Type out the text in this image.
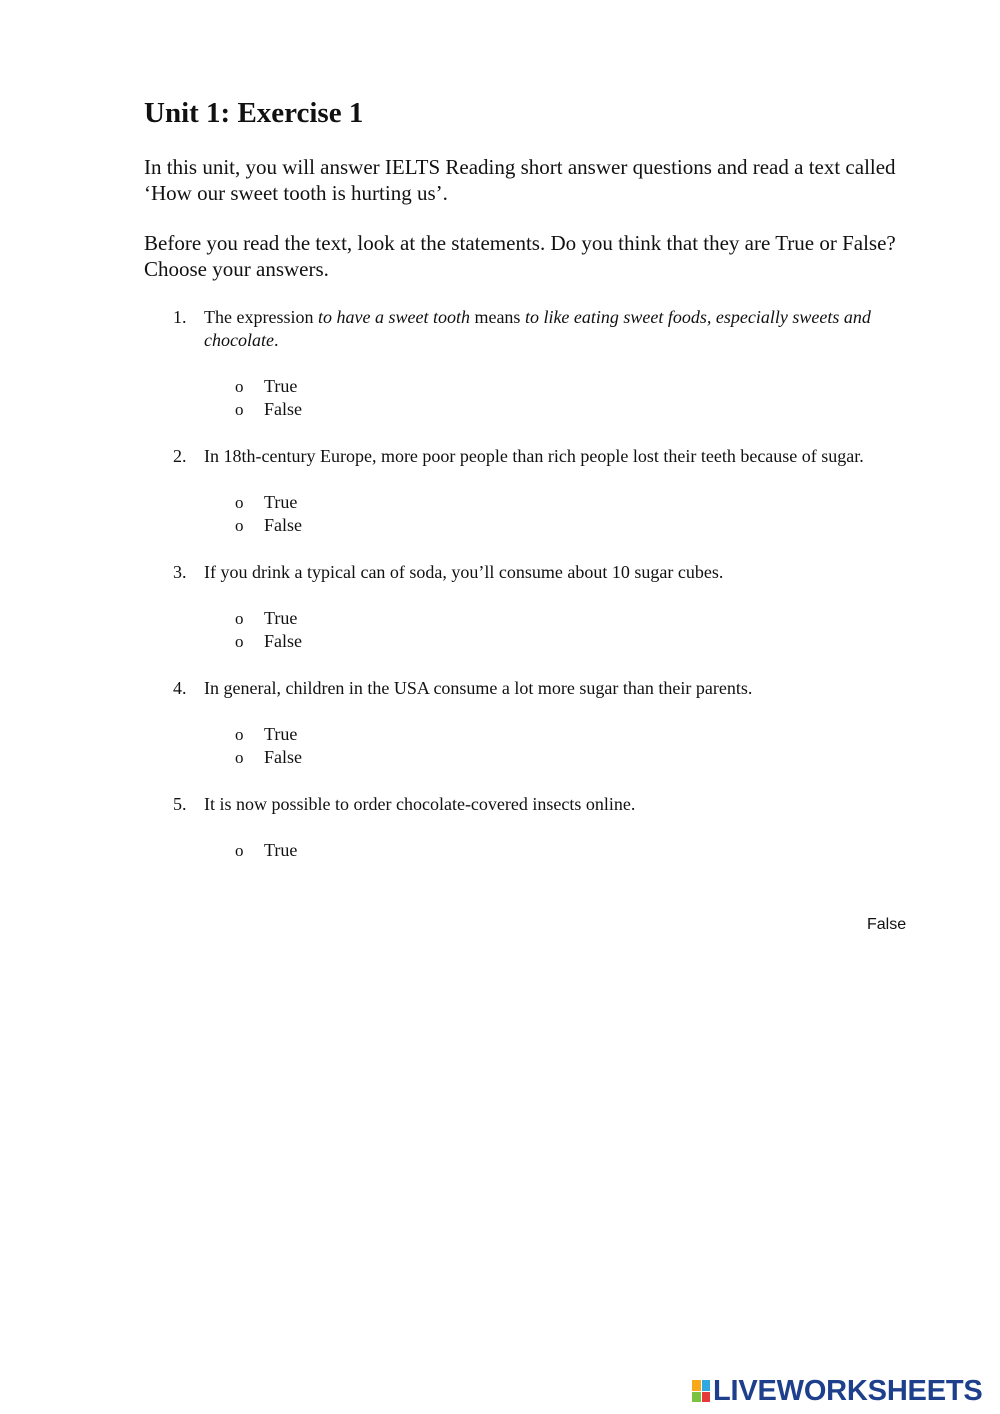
Unit 1: Exercise 1

In this unit, you will answer IELTS Reading short answer questions and read a text called ‘How our sweet tooth is hurting us’.

Before you read the text, look at the statements. Do you think that they are True or False? Choose your answers.

1. The expression to have a sweet tooth means to like eating sweet foods, especially sweets and chocolate.
o True
o False
2. In 18th-century Europe, more poor people than rich people lost their teeth because of sugar.
o True
o False
3. If you drink a typical can of soda, you’ll consume about 10 sugar cubes.
o True
o False
4. In general, children in the USA consume a lot more sugar than their parents.
o True
o False
5. It is now possible to order chocolate-covered insects online.
o True
False
LIVEWORKSHEETS
